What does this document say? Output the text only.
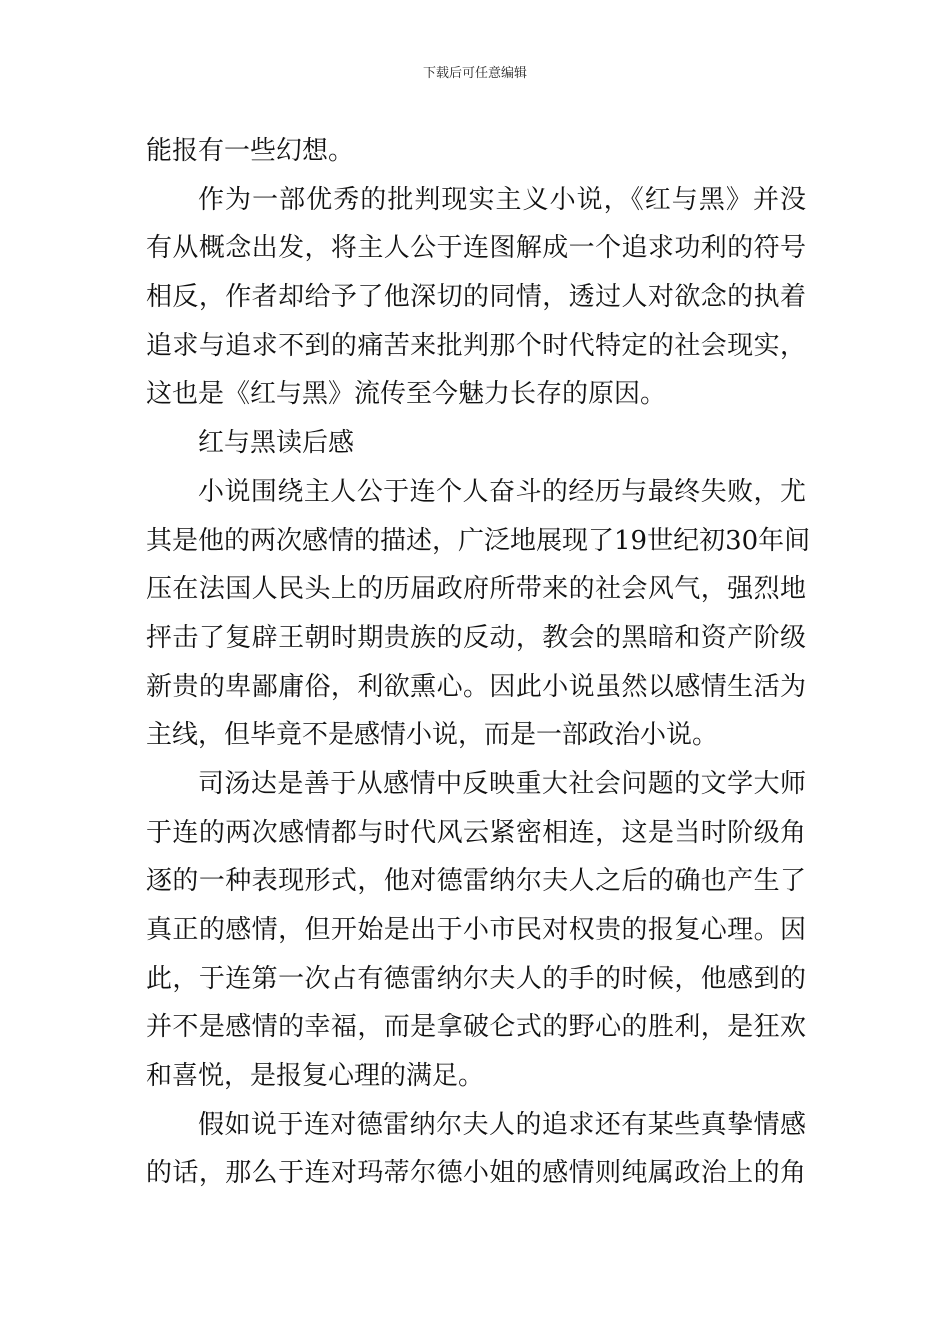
下载后可任意编辑
能报有一些幻想。
作为一部优秀的批判现实主义小说，《红与黑》并没
有从概念出发，将主人公于连图解成一个追求功利的符号
相反，作者却给予了他深切的同情，透过人对欲念的执着
追求与追求不到的痛苦来批判那个时代特定的社会现实，
这也是《红与黑》流传至今魅力长存的原因。
红与黑读后感
小说围绕主人公于连个人奋斗的经历与最终失败，尤
其是他的两次感情的描述，广泛地展现了19世纪初30年间
压在法国人民头上的历届政府所带来的社会风气，强烈地
抨击了复辟王朝时期贵族的反动，教会的黑暗和资产阶级
新贵的卑鄙庸俗，利欲熏心。因此小说虽然以感情生活为
主线，但毕竟不是感情小说，而是一部政治小说。
司汤达是善于从感情中反映重大社会问题的文学大师
于连的两次感情都与时代风云紧密相连，这是当时阶级角
逐的一种表现形式，他对德雷纳尔夫人之后的确也产生了
真正的感情，但开始是出于小市民对权贵的报复心理。因
此，于连第一次占有德雷纳尔夫人的手的时候，他感到的
并不是感情的幸福，而是拿破仑式的野心的胜利，是狂欢
和喜悦，是报复心理的满足。
假如说于连对德雷纳尔夫人的追求还有某些真挚情感
的话，那么于连对玛蒂尔德小姐的感情则纯属政治上的角
